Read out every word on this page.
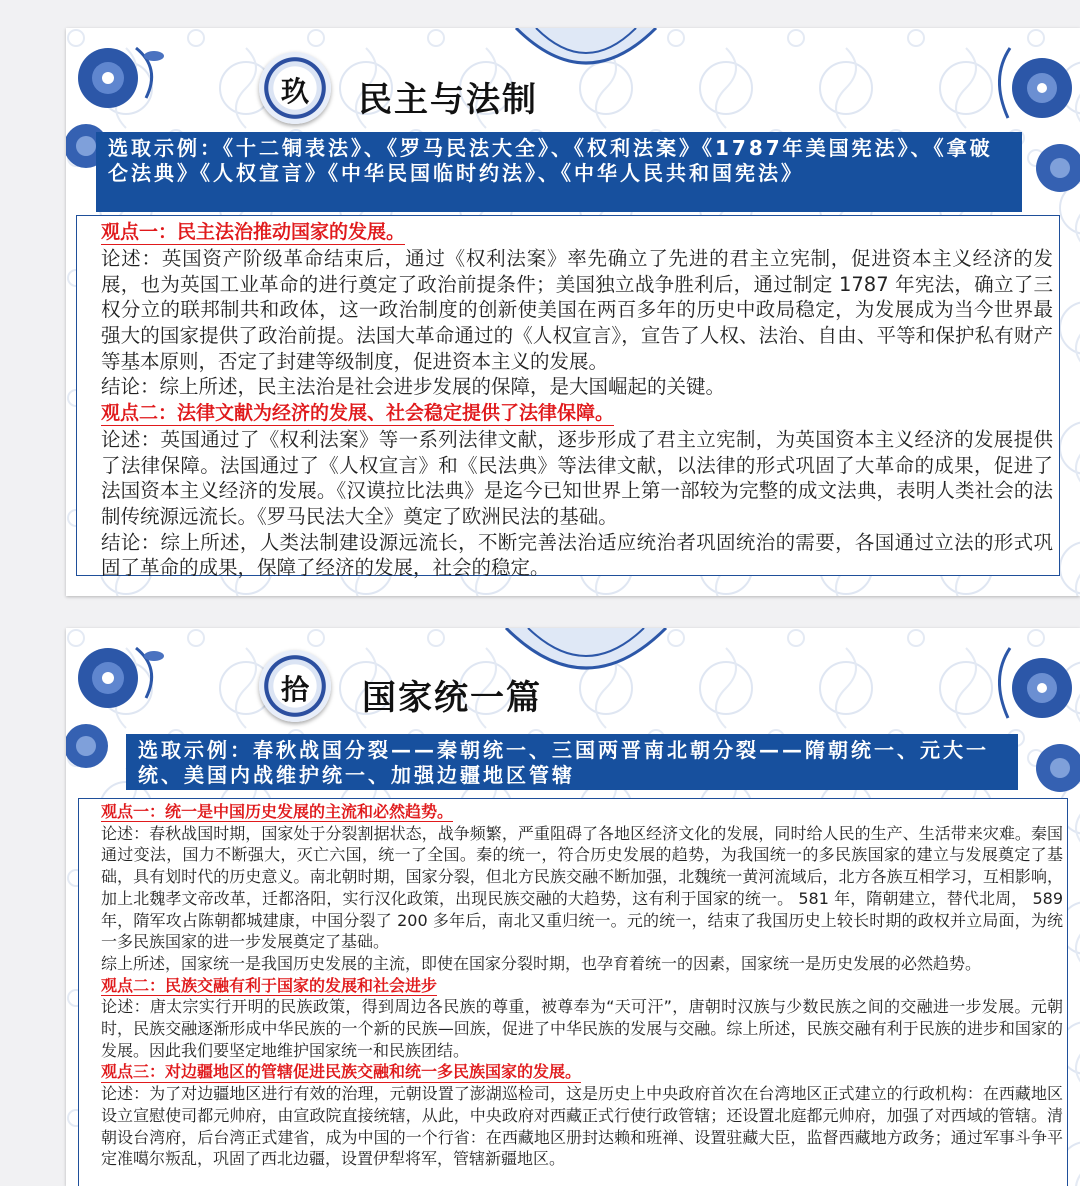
玖	民主与法制
选取示例：《十二铜表法》、《罗马民法大全》、《权利法案》《1787年美国宪法》、《拿破仑法典》《人权宣言》《中华民国临时约法》、《中华人民共和国宪法》
观点一：民主法治推动国家的发展。

论述：英国资产阶级革命结束后，通过《权利法案》率先确立了先进的君主立宪制，促进资本主义经济的发展，也为英国工业革命的进行奠定了政治前提条件；美国独立战争胜利后，通过制定 1787 年宪法，确立了三权分立的联邦制共和政体，这一政治制度的创新使美国在两百多年的历史中政局稳定，为发展成为当今世界最强大的国家提供了政治前提。法国大革命通过的《人权宣言》，宣告了人权、法治、自由、平等和保护私有财产等基本原则，否定了封建等级制度，促进资本主义的发展。

结论：综上所述，民主法治是社会进步发展的保障，是大国崛起的关键。

观点二：法律文献为经济的发展、社会稳定提供了法律保障。

论述：英国通过了《权利法案》等一系列法律文献，逐步形成了君主立宪制，为英国资本主义经济的发展提供了法律保障。法国通过了《人权宣言》和《民法典》等法律文献，以法律的形式巩固了大革命的成果，促进了法国资本主义经济的发展。《汉谟拉比法典》是迄今已知世界上第一部较为完整的成文法典，表明人类社会的法制传统源远流长。《罗马民法大全》奠定了欧洲民法的基础。

结论：综上所述，人类法制建设源远流长，不断完善法治适应统治者巩固统治的需要，各国通过立法的形式巩固了革命的成果，保障了经济的发展，社会的稳定。

拾	国家统一篇
选取示例：春秋战国分裂——秦朝统一、三国两晋南北朝分裂——隋朝统一、元大一统、美国内战维护统一、加强边疆地区管辖
观点一：统一是中国历史发展的主流和必然趋势。

论述：春秋战国时期，国家处于分裂割据状态，战争频繁，严重阻碍了各地区经济文化的发展，同时给人民的生产、生活带来灾难。秦国通过变法，国力不断强大，灭亡六国，统一了全国。秦的统一，符合历史发展的趋势，为我国统一的多民族国家的建立与发展奠定了基础，具有划时代的历史意义。南北朝时期，国家分裂，但北方民族交融不断加强，北魏统一黄河流域后，北方各族互相学习，互相影响，加上北魏孝文帝改革，迁都洛阳，实行汉化政策，出现民族交融的大趋势，这有利于国家的统一。 581 年，隋朝建立，替代北周， 589 年，隋军攻占陈朝都城建康，中国分裂了 200 多年后，南北又重归统一。元的统一，结束了我国历史上较长时期的政权并立局面，为统一多民族国家的进一步发展奠定了基础。

综上所述，国家统一是我国历史发展的主流，即使在国家分裂时期，也孕育着统一的因素，国家统一是历史发展的必然趋势。

观点二：民族交融有利于国家的发展和社会进步

论述：唐太宗实行开明的民族政策，得到周边各民族的尊重，被尊奉为“天可汗”，唐朝时汉族与少数民族之间的交融进一步发展。元朝时，民族交融逐渐形成中华民族的一个新的民族—回族，促进了中华民族的发展与交融。综上所述，民族交融有利于民族的进步和国家的发展。因此我们要坚定地维护国家统一和民族团结。

观点三：对边疆地区的管辖促进民族交融和统一多民族国家的发展。

论述：为了对边疆地区进行有效的治理，元朝设置了澎湖巡检司，这是历史上中央政府首次在台湾地区正式建立的行政机构：在西藏地区设立宣慰使司都元帅府，由宣政院直接统辖，从此，中央政府对西藏正式行使行政管辖；还设置北庭都元帅府，加强了对西域的管辖。清朝设台湾府，后台湾正式建省，成为中国的一个行省：在西藏地区册封达赖和班禅、设置驻藏大臣，监督西藏地方政务；通过军事斗争平定准噶尔叛乱，巩固了西北边疆，设置伊犁将军，管辖新疆地区。
